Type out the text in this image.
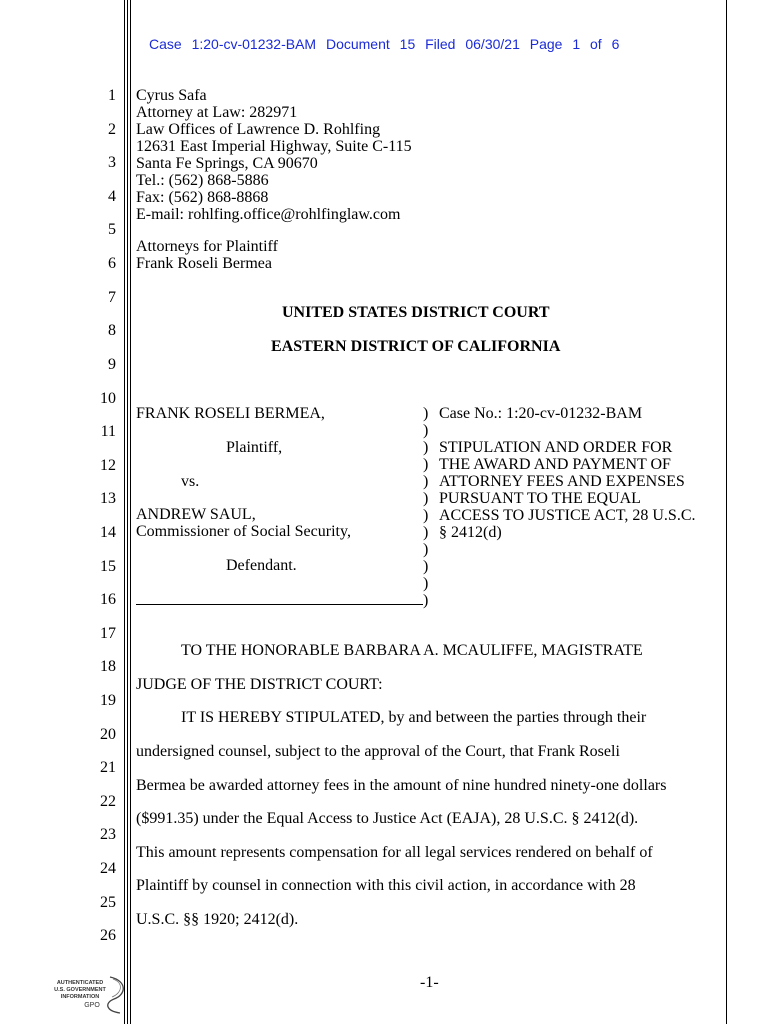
Case 1:20-cv-01232-BAM Document 15 Filed 06/30/21 Page 1 of 6
1
2
3
4
5
6
7
8
9
10
11
12
13
14
15
16
17
18
19
20
21
22
23
24
25
26
Cyrus Safa
Attorney at Law: 282971
Law Offices of Lawrence D. Rohlfing
12631 East Imperial Highway, Suite C-115
Santa Fe Springs, CA 90670
Tel.: (562) 868-5886
Fax: (562) 868-8868
E-mail: rohlfing.office@rohlfinglaw.com
Attorneys for Plaintiff
Frank Roseli Bermea
UNITED STATES DISTRICT COURT
EASTERN DISTRICT OF CALIFORNIA
FRANK ROSELI BERMEA,
Plaintiff,
vs.
ANDREW SAUL,
Commissioner of Social Security,
Defendant.
)
)
)
)
)
)
)
)
)
)
)
)
Case No.: 1:20-cv-01232-BAM
STIPULATION AND ORDER FOR
THE AWARD AND PAYMENT OF
ATTORNEY FEES AND EXPENSES
PURSUANT TO THE EQUAL
ACCESS TO JUSTICE ACT, 28 U.S.C.
§ 2412(d)
TO THE HONORABLE BARBARA A. MCAULIFFE, MAGISTRATE
JUDGE OF THE DISTRICT COURT:
IT IS HEREBY STIPULATED, by and between the parties through their
undersigned counsel, subject to the approval of the Court, that Frank Roseli
Bermea be awarded attorney fees in the amount of nine hundred ninety-one dollars
($991.35) under the Equal Access to Justice Act (EAJA), 28 U.S.C. § 2412(d).
This amount represents compensation for all legal services rendered on behalf of
Plaintiff by counsel in connection with this civil action, in accordance with 28
U.S.C. §§ 1920; 2412(d).
-1-
AUTHENTICATED
U.S. GOVERNMENT
INFORMATION
GPO
